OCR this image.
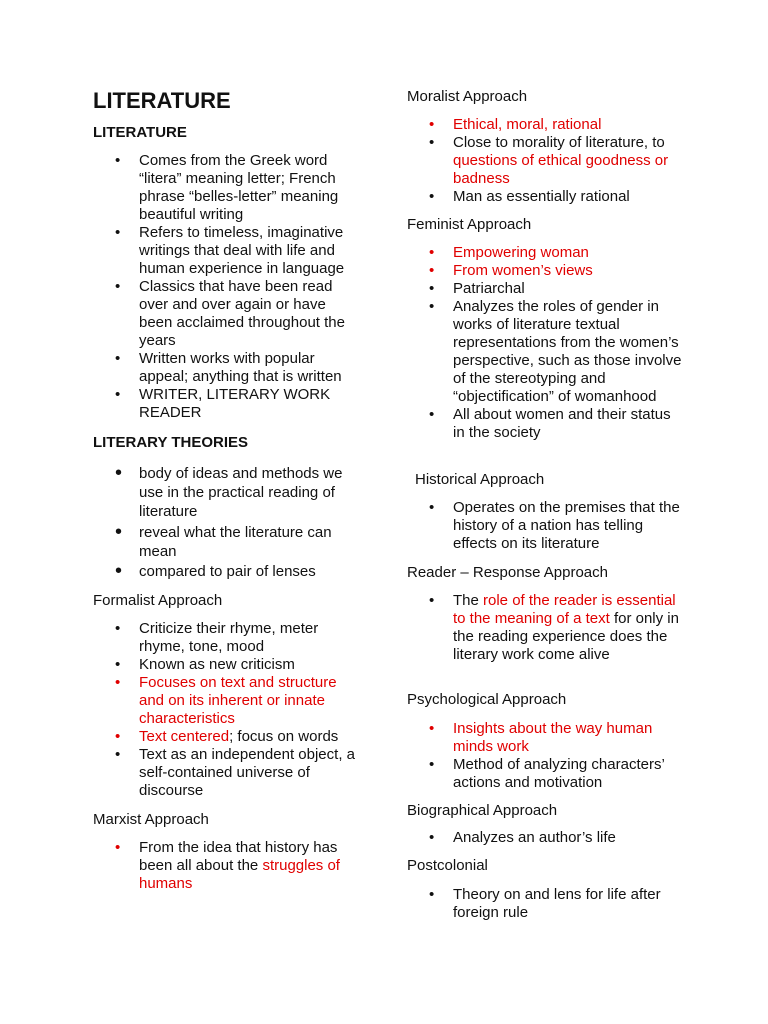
LITERATURE
LITERATURE
• Comes from the Greek word “litera” meaning letter; French phrase “belles-letter” meaning beautiful writing
• Refers to timeless, imaginative writings that deal with life and human experience in language
• Classics that have been read over and over again or have been acclaimed throughout the years
• Written works with popular appeal; anything that is written
• WRITER, LITERARY WORK READER
LITERARY THEORIES
• body of ideas and methods we use in the practical reading of literature
• reveal what the literature can mean
• compared to pair of lenses
Formalist Approach
• Criticize their rhyme, meter rhyme, tone, mood
• Known as new criticism
• Focuses on text and structure and on its inherent or innate characteristics
• Text centered; focus on words
• Text as an independent object, a self-contained universe of discourse
Marxist Approach
• From the idea that history has been all about the struggles of humans
Moralist Approach
• Ethical, moral, rational
• Close to morality of literature, to questions of ethical goodness or badness
• Man as essentially rational
Feminist Approach
• Empowering woman
• From women’s views
• Patriarchal
• Analyzes the roles of gender in works of literature textual representations from the women’s perspective, such as those involve of the stereotyping and “objectification” of womanhood
• All about women and their status in the society
Historical Approach
• Operates on the premises that the history of a nation has telling effects on its literature
Reader – Response Approach
• The role of the reader is essential to the meaning of a text for only in the reading experience does the literary work come alive
Psychological Approach
• Insights about the way human minds work
• Method of analyzing characters’ actions and motivation
Biographical Approach
• Analyzes an author’s life
Postcolonial
• Theory on and lens for life after foreign rule
